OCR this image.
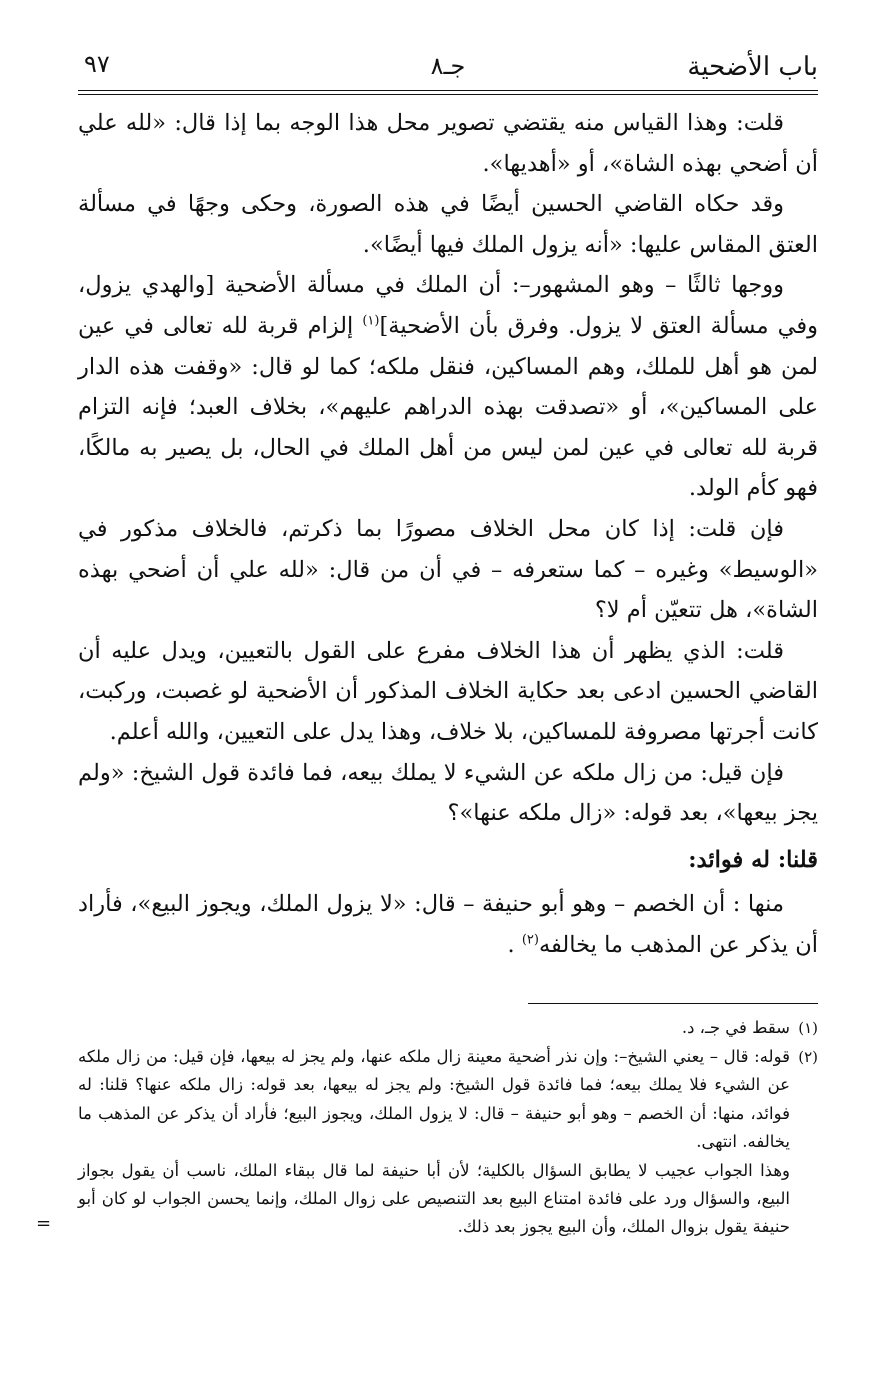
باب الأضحية
جـ٨
٩٧

قلت: وهذا القياس منه يقتضي تصوير محل هذا الوجه بما إذا قال: «لله علي أن أضحي بهذه الشاة»، أو «أهديها».

وقد حكاه القاضي الحسين أيضًا في هذه الصورة، وحكى وجهًا في مسألة العتق المقاس عليها: «أنه يزول الملك فيها أيضًا».

ووجها ثالثًا – وهو المشهور–: أن الملك في مسألة الأضحية [والهدي يزول، وفي مسألة العتق لا يزول. وفرق بأن الأضحية]$^{(١)}$ إلزام قربة لله تعالى في عين لمن هو أهل للملك، وهم المساكين، فنقل ملكه؛ كما لو قال: «وقفت هذه الدار على المساكين»، أو «تصدقت بهذه الدراهم عليهم»، بخلاف العبد؛ فإنه التزام قربة لله تعالى في عين لمن ليس من أهل الملك في الحال، بل يصير به مالكًا، فهو كأم الولد.

فإن قلت: إذا كان محل الخلاف مصورًا بما ذكرتم، فالخلاف مذكور في «الوسيط» وغيره – كما ستعرفه – في أن من قال: «لله علي أن أضحي بهذه الشاة»، هل تتعيّن أم لا؟

قلت: الذي يظهر أن هذا الخلاف مفرع على القول بالتعيين، ويدل عليه أن القاضي الحسين ادعى بعد حكاية الخلاف المذكور أن الأضحية لو غصبت، وركبت، كانت أجرتها مصروفة للمساكين، بلا خلاف، وهذا يدل على التعيين، والله أعلم.

فإن قيل: من زال ملكه عن الشيء لا يملك بيعه، فما فائدة قول الشيخ: «ولم يجز بيعها»، بعد قوله: «زال ملكه عنها»؟

قلنا: له فوائد:

منها : أن الخصم – وهو أبو حنيفة – قال: «لا يزول الملك، ويجوز البيع»، فأراد أن يذكر عن المذهب ما يخالفه$^{(٢)}$ .

(١)

سقط في جـ، د.

(٢)

قوله: قال – يعني الشيخ–: وإن نذر أضحية معينة زال ملكه عنها، ولم يجز له بيعها، فإن قيل: من زال ملكه عن الشيء فلا يملك بيعه؛ فما فائدة قول الشيخ: ولم يجز له بيعها، بعد قوله: زال ملكه عنها؟ قلنا: له فوائد، منها: أن الخصم – وهو أبو حنيفة – قال: لا يزول الملك، ويجوز البيع؛ فأراد أن يذكر عن المذهب ما يخالفه. انتهى.

وهذا الجواب عجيب لا يطابق السؤال بالكلية؛ لأن أبا حنيفة لما قال ببقاء الملك، ناسب أن يقول بجواز البيع، والسؤال ورد على فائدة امتناع البيع بعد التنصيص على زوال الملك، وإنما يحسن الجواب لو كان أبو حنيفة يقول بزوال الملك، وأن البيع يجوز بعد ذلك.

=
